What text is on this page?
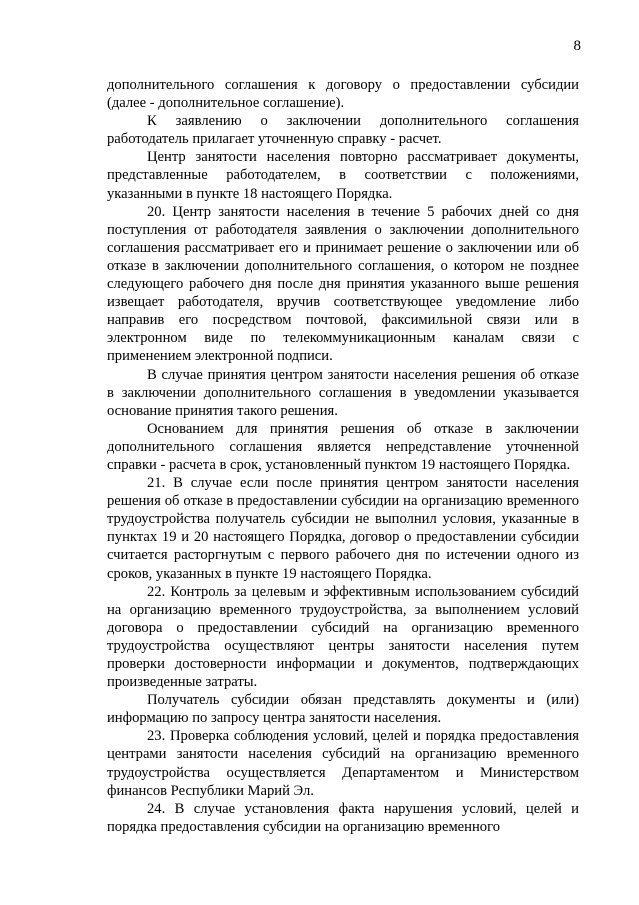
8

дополнительного соглашения к договору о предоставлении субсидии (далее - дополнительное соглашение).

К заявлению о заключении дополнительного соглашения работодатель прилагает уточненную справку - расчет.

Центр занятости населения повторно рассматривает документы, представленные работодателем, в соответствии с положениями, указанными в пункте 18 настоящего Порядка.

20. Центр занятости населения в течение 5 рабочих дней со дня поступления от работодателя заявления о заключении дополнительного соглашения рассматривает его и принимает решение о заключении или об отказе в заключении дополнительного соглашения, о котором не позднее следующего рабочего дня после дня принятия указанного выше решения извещает работодателя, вручив соответствующее уведомление либо направив его посредством почтовой, факсимильной связи или в электронном виде по телекоммуникационным каналам связи с применением электронной подписи.

В случае принятия центром занятости населения решения об отказе в заключении дополнительного соглашения в уведомлении указывается основание принятия такого решения.

Основанием для принятия решения об отказе в заключении дополнительного соглашения является непредставление уточненной справки - расчета в срок, установленный пунктом 19 настоящего Порядка.

21. В случае если после принятия центром занятости населения решения об отказе в предоставлении субсидии на организацию временного трудоустройства получатель субсидии не выполнил условия, указанные в пунктах 19 и 20 настоящего Порядка, договор о предоставлении субсидии считается расторгнутым с первого рабочего дня по истечении одного из сроков, указанных в пункте 19 настоящего Порядка.

22. Контроль за целевым и эффективным использованием субсидий на организацию временного трудоустройства, за выполнением условий договора о предоставлении субсидий на организацию временного трудоустройства осуществляют центры занятости населения путем проверки достоверности информации и документов, подтверждающих произведенные затраты.

Получатель субсидии обязан представлять документы и (или) информацию по запросу центра занятости населения.

23. Проверка соблюдения условий, целей и порядка предоставления центрами занятости населения субсидий на организацию временного трудоустройства осуществляется Департаментом и Министерством финансов Республики Марий Эл.

24. В случае установления факта нарушения условий, целей и порядка предоставления субсидии на организацию временного
